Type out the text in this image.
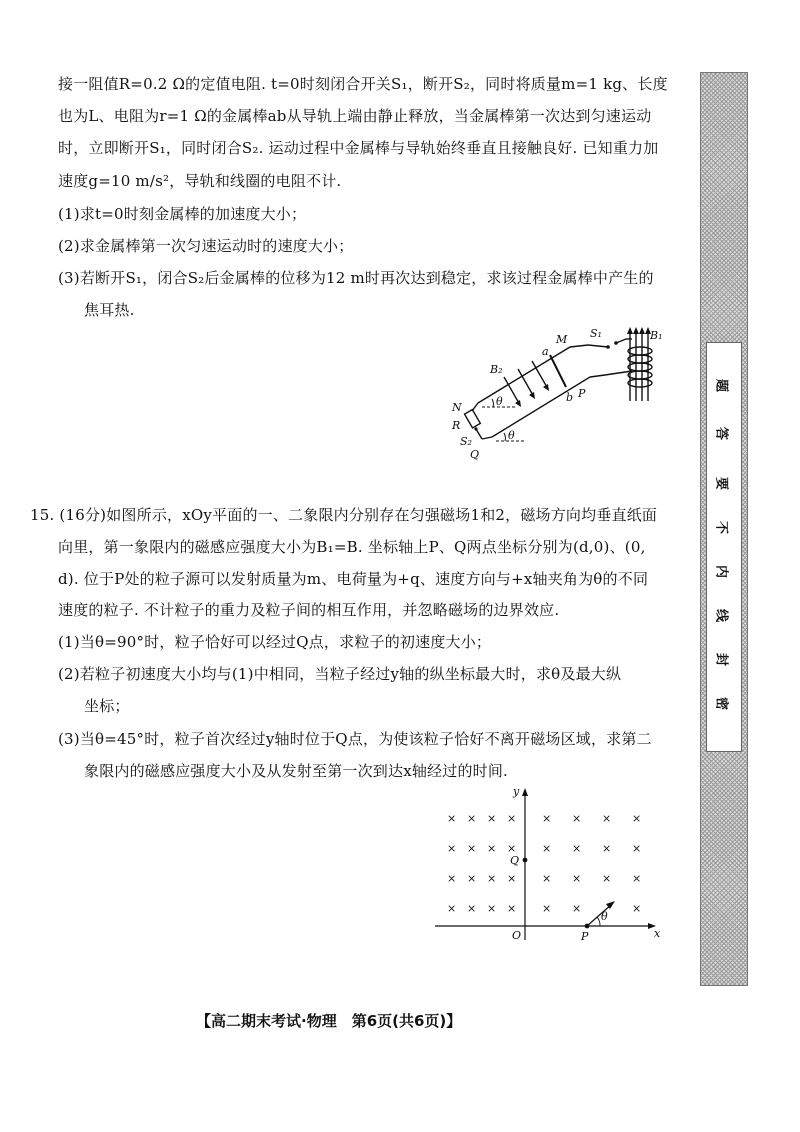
接一阻值R=0.2 Ω的定值电阻. t=0时刻闭合开关S₁，断开S₂，同时将质量m=1 kg、长度
也为L、电阻为r=1 Ω的金属棒ab从导轨上端由静止释放，当金属棒第一次达到匀速运动
时，立即断开S₁，同时闭合S₂. 运动过程中金属棒与导轨始终垂直且接触良好. 已知重力加
速度g=10 m/s²，导轨和线圈的电阻不计.
(1)求t=0时刻金属棒的加速度大小；
(2)求金属棒第一次匀速运动时的速度大小；
(3)若断开S₁，闭合S₂后金属棒的位移为12 m时再次达到稳定，求该过程金属棒中产生的
焦耳热.
M S₁	B₁
a
B₂
N	θ	b P
R
S₂	θ
Q
15. (16分)如图所示，xOy平面的一、二象限内分别存在匀强磁场1和2，磁场方向均垂直纸面
向里，第一象限内的磁感应强度大小为B₁=B. 坐标轴上P、Q两点坐标分别为(d,0)、(0,
d). 位于P处的粒子源可以发射质量为m、电荷量为+q、速度方向与+x轴夹角为θ的不同
速度的粒子. 不计粒子的重力及粒子间的相互作用，并忽略磁场的边界效应.
(1)当θ=90°时，粒子恰好可以经过Q点，求粒子的初速度大小；
(2)若粒子初速度大小均与(1)中相同，当粒子经过y轴的纵坐标最大时，求θ及最大纵
坐标；
(3)当θ=45°时，粒子首次经过y轴时位于Q点，为使该粒子恰好不离开磁场区域，求第二
象限内的磁感应强度大小及从发射至第一次到达x轴经过的时间.
× × × × × × × ×
× × × × × × × ×
× × × × × × × ×
× × × × × ×	×
y
x
O
Q
P
θ
密
封
线
内
不
要
答
题
【高二期末考试·物理　第6页(共6页)】
